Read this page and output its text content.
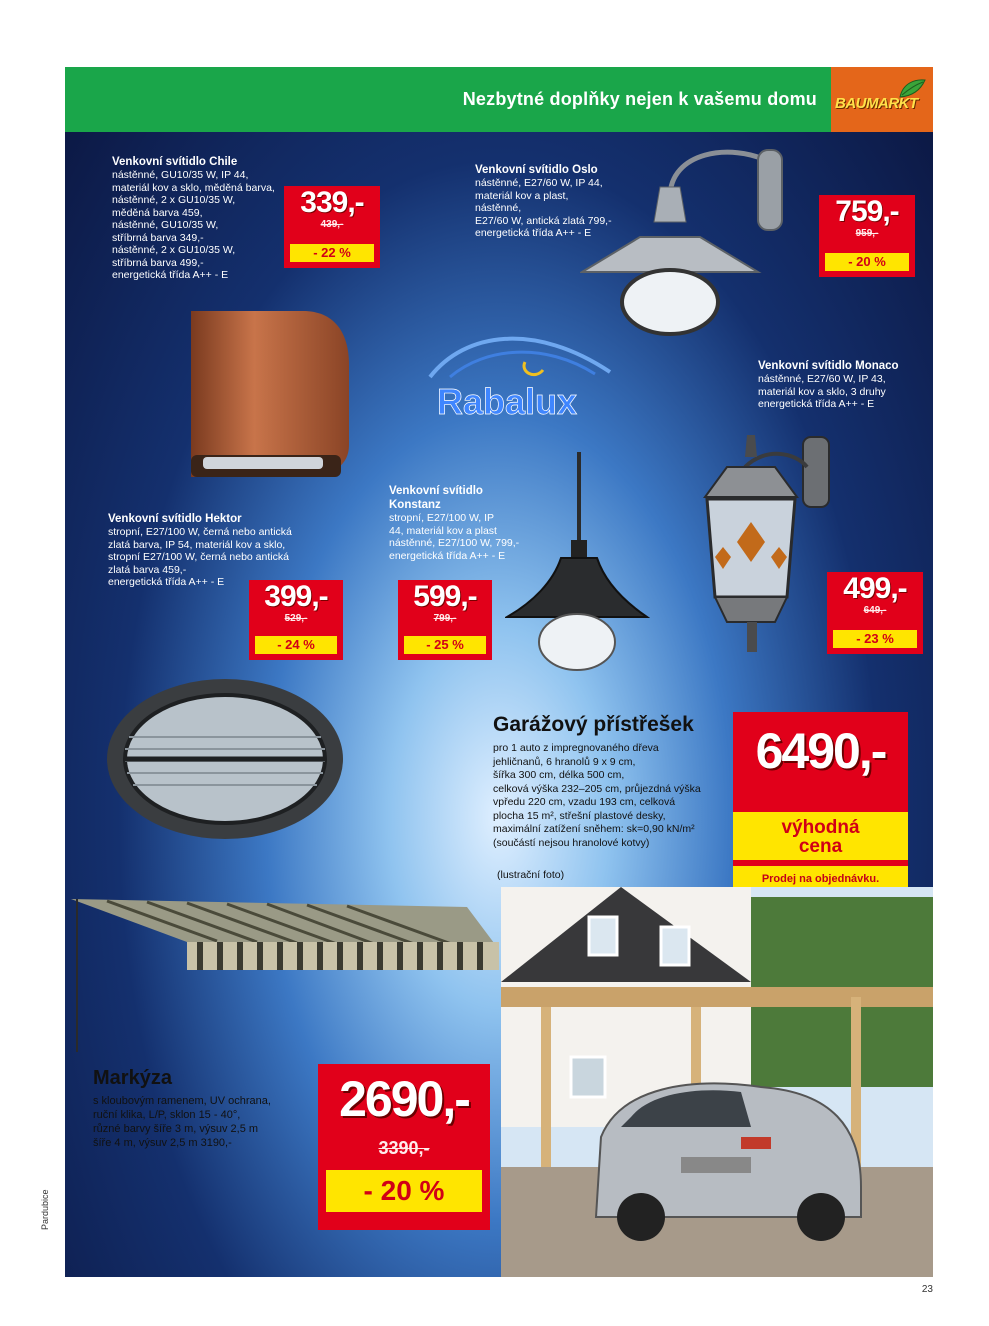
Nezbytné doplňky nejen k vašemu domu BAUMARKT
Rabalux
Venkovní svítidlo Chile
nástěnné, GU10/35 W, IP 44,
materiál kov a sklo, měděná barva,
nástěnné, 2 x GU10/35 W,
měděná barva 459,
nástěnné, GU10/35 W,
stříbrná barva 349,-
nástěnné, 2 x GU10/35 W,
stříbrná barva 499,-
energetická třída A++ - E
339,-
439,-
- 22 %
Venkovní svítidlo Oslo
nástěnné, E27/60 W, IP 44,
materiál kov a plast,
nástěnné,
E27/60 W, antická zlatá 799,-
energetická třída A++ - E
759,-
959,-
- 20 %
Venkovní svítidlo Monaco
nástěnné, E27/60 W, IP 43,
materiál kov a sklo, 3 druhy
energetická třída A++ - E
499,-
649,-
- 23 %
Venkovní svítidlo
Konstanz
stropní, E27/100 W, IP
44, materiál kov a plast
nástěnné, E27/100 W, 799,-
energetická třída A++ - E
599,-
799,-
- 25 %
Venkovní svítidlo Hektor
stropní, E27/100 W, černá nebo antická
zlatá barva, IP 54, materiál kov a sklo,
stropní E27/100 W, černá nebo antická
zlatá barva 459,-
energetická třída A++ - E	399,-
529,-
- 24 %
Garážový přístřešek
pro 1 auto z impregnovaného dřeva
jehličnanů, 6 hranolů 9 x 9 cm,
šířka 300 cm, délka 500 cm,
celková výška 232–205 cm, průjezdná výška
vpředu 220 cm, vzadu 193 cm, celková
plocha 15 m², střešní plastové desky,
maximální zatížení sněhem: sk=0,90 kN/m²
(součástí nejsou hranolové kotvy)
(lustrační foto)
6490,-
výhodná
cena
Prodej na objednávku.
Markýza
s kloubovým ramenem, UV ochrana,
ruční klika, L/P, sklon 15 - 40°,
různé barvy šíře 3 m, výsuv 2,5 m
šíře 4 m, výsuv 2,5 m 3190,-
2690,-
3390,-
- 20 %
Pardubice
23
